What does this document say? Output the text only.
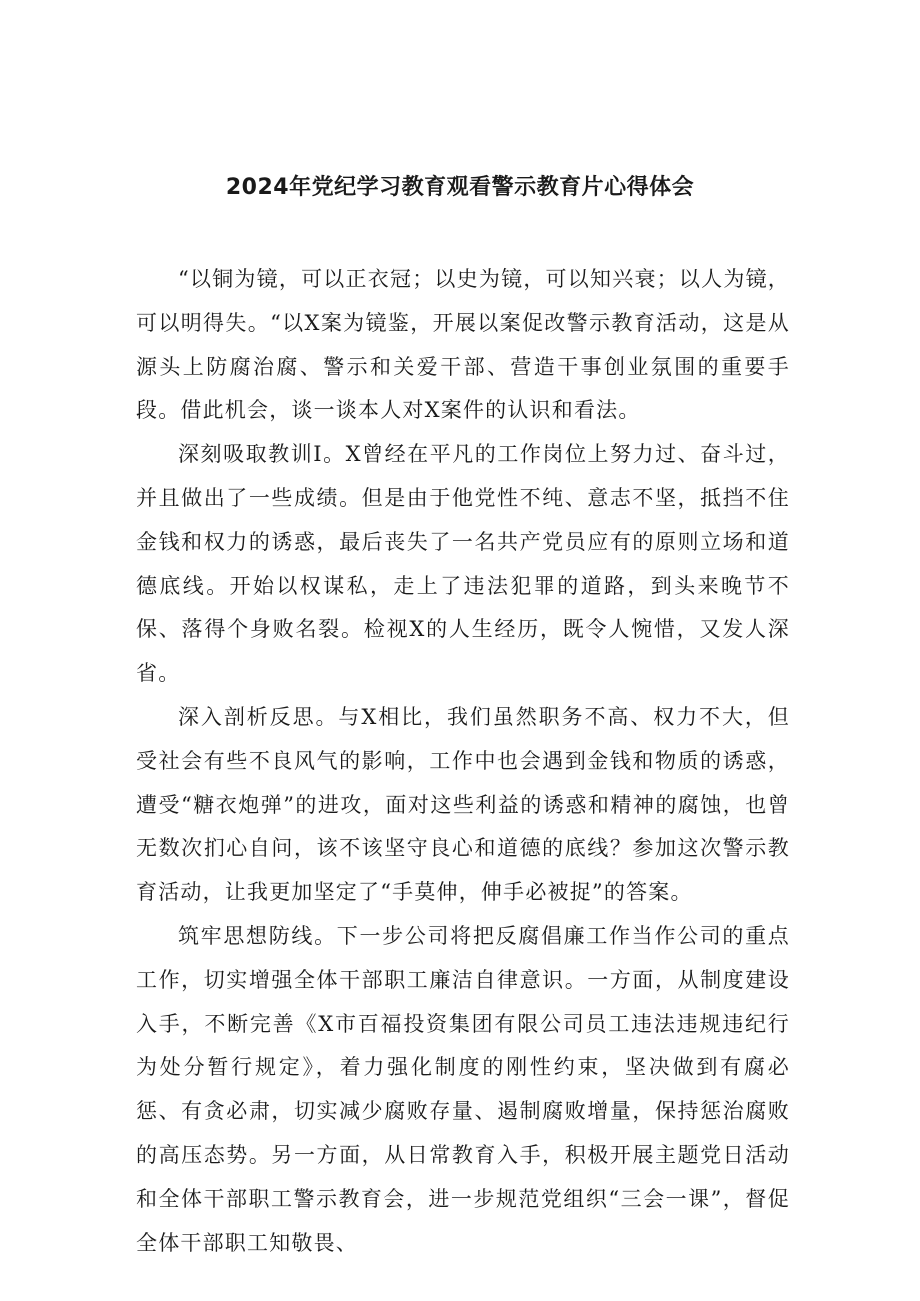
2024年党纪学习教育观看警示教育片心得体会

“以铜为镜，可以正衣冠；以史为镜，可以知兴衰；以人为镜，可以明得失。“以X案为镜鉴，开展以案促改警示教育活动，这是从源头上防腐治腐、警示和关爱干部、营造干事创业氛围的重要手段。借此机会，谈一谈本人对X案件的认识和看法。

深刻吸取教训I。X曾经在平凡的工作岗位上努力过、奋斗过，并且做出了一些成绩。但是由于他党性不纯、意志不坚，抵挡不住金钱和权力的诱惑，最后丧失了一名共产党员应有的原则立场和道德底线。开始以权谋私，走上了违法犯罪的道路，到头来晚节不保、落得个身败名裂。检视X的人生经历，既令人惋惜，又发人深省。

深入剖析反思。与X相比，我们虽然职务不高、权力不大，但受社会有些不良风气的影响，工作中也会遇到金钱和物质的诱惑，遭受“糖衣炮弹”的进攻，面对这些利益的诱惑和精神的腐蚀，也曾无数次扪心自问，该不该坚守良心和道德的底线？参加这次警示教育活动，让我更加坚定了“手莫伸，伸手必被捉”的答案。

筑牢思想防线。下一步公司将把反腐倡廉工作当作公司的重点工作，切实增强全体干部职工廉洁自律意识。一方面，从制度建设入手，不断完善《X市百福投资集团有限公司员工违法违规违纪行为处分暂行规定》，着力强化制度的刚性约束，坚决做到有腐必惩、有贪必肃，切实减少腐败存量、遏制腐败增量，保持惩治腐败的高压态势。另一方面，从日常教育入手，积极开展主题党日活动和全体干部职工警示教育会，进一步规范党组织“三会一课”，督促全体干部职工知敬畏、
